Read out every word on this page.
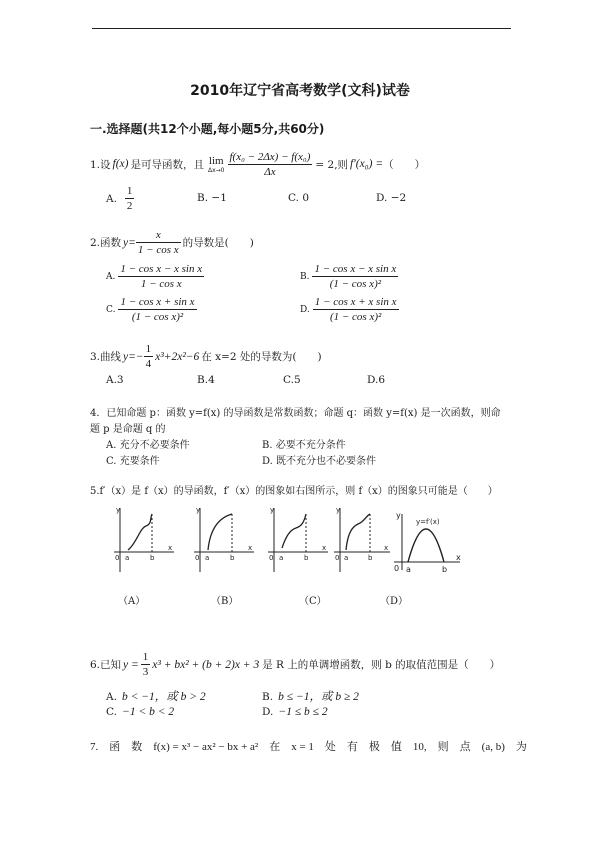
2010年辽宁省高考数学(文科)试卷
一.选择题(共12个小题,每小题5分,共60分)
1.设 f(x) 是可导函数，且 lim
$\Delta x\to 0 \frac{\text{f(x₀ − 2Δx) − f(x₀)}}{\Delta x} = 2$,则 f′(x₀) = （　　）
A. $\frac{1}{2}$	B. −1	C. 0	D. −2
2.函数 $y= \frac{x}{\text{1 − cos x}}$ 的导数是(　　)
A. $\frac{\text{1 − cos x − x sin x}}{\text{1 − cos x}}$	B. $\frac{\text{1 − cos x − x sin x}}{\text{(1 − cos x)²}}$
C. $\frac{\text{1 − cos x + sin x}}{\text{(1 − cos x)²}}$	D. $\frac{\text{1 − cos x + x sin x}}{\text{(1 − cos x)²}}$
3.曲线 $y=- \frac{1}{4} x^3+2x^2-6$ 在 x=2 处的导数为(　　)
A.3	B.4	C.5	D.6
4．已知命题 p：函数 y=f(x) 的导函数是常数函数；命题 q：函数 y=f(x) 是一次函数，则命
题 p 是命题 q 的
A. 充分不必要条件	B. 必要不充分条件
C. 充要条件	D. 既不充分也不必要条件
5.f′（x）是 f（x）的导函数，f′（x）的图象如右图所示，则 f（x）的图象只可能是（　　）
y
x
0 a	b
y
x
0 a	b
y
x
0 a	b
y
x
0 a	b
y
y=f′(x)
0 a	b
x
（A）	（B）	（C）	（D）
6.已知 $y = \frac{1}{3} x^3 + bx^2 + (b + 2)x + 3$ 是 R 上的单调增函数，则 b 的取值范围是（　　）
A. b < −1，或 b > 2	B. b ≤ −1，或 b ≥ 2
C. −1 < b < 2	D. −1 ≤ b ≤ 2
7.　函　数　f(x) = x³ − ax² − bx + a²　在　x = 1　处　有　极　值　10,　则　点　(a, b)　为
